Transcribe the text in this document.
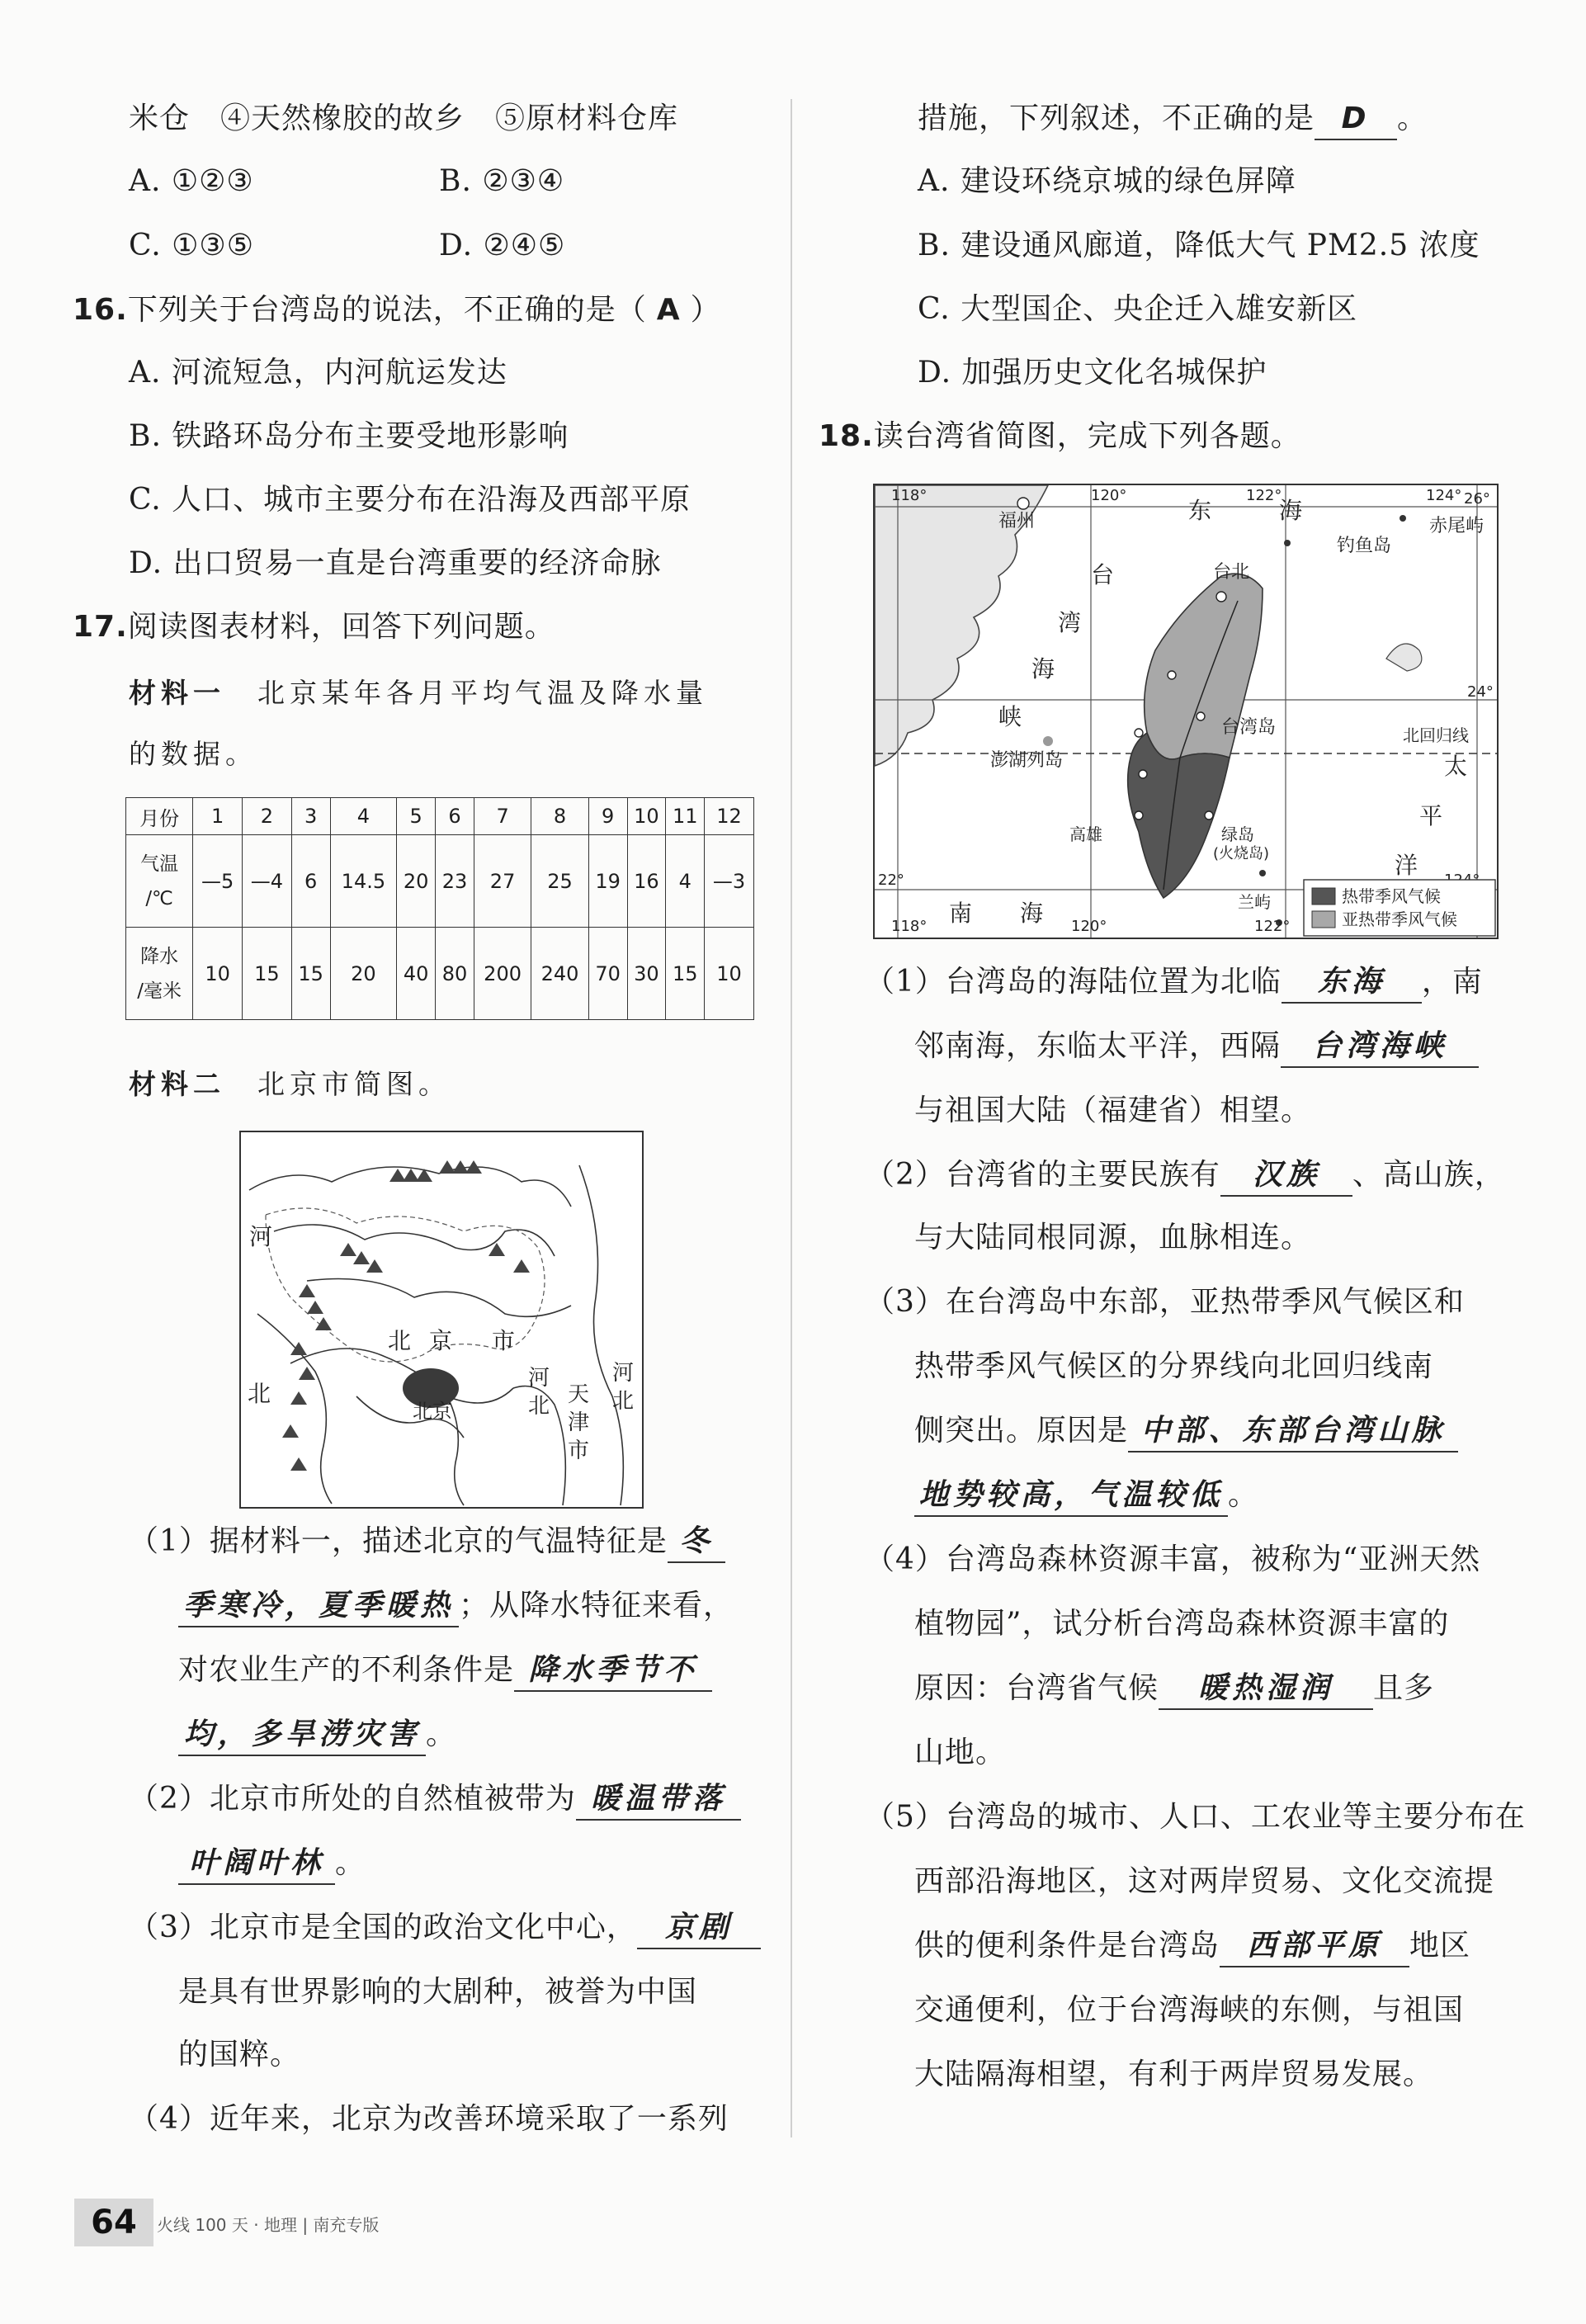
米仓　④天然橡胶的故乡　⑤原材料仓库
A. ①②③	B. ②③④
C. ①③⑤	D. ②④⑤
16.下列关于台湾岛的说法，不正确的是（ A ）
A. 河流短急，内河航运发达
B. 铁路环岛分布主要受地形影响
C. 人口、城市主要分布在沿海及西部平原
D. 出口贸易一直是台湾重要的经济命脉
17.阅读图表材料，回答下列问题。
材料一　 北京某年各月平均气温及降水量
的数据。
月份	1	2	3	4	5	6	7	8	9	10	11	12

气温
/℃	—5	—4	6	14.5	20	23	27	25	19	16	4	—3

降水
/毫米	10	15	15	20	40	80	200	240	70	30	15	10
材料二　 北京市简图。
河
北 京 市
北
北京
河
北 天
津
市
河
北
（1）据材料一，描述北京的气温特征是 冬
季寒冷，夏季暖热 ；从降水特征来看，
对农业生产的不利条件是 降水季节不
均，多旱涝灾害 。
（2）北京市所处的自然植被带为 暖温带落
叶阔叶林 。
（3）北京市是全国的政治文化中心， 京剧
是具有世界影响的大剧种，被誉为中国
的国粹。
（4）近年来，北京为改善环境采取了一系列
措施，下列叙述，不正确的是 D 。
A. 建设环绕京城的绿色屏障
B. 建设通风廊道，降低大气 PM2.5 浓度
C. 大型国企、央企迁入雄安新区
D. 加强历史文化名城保护
18.读台湾省简图，完成下列各题。
118°	120°	122°	124° 26°
24°
22°
118°	120°	122°
福州	东	海
钓鱼岛
赤尾屿
台北
台
湾
海
峡	台湾岛	北回归线
澎湖列岛	太
平
洋
高雄	绿岛
(火烧岛)
兰屿
南 海
热带季风气候
亚热带季风气候
（1）台湾岛的海陆位置为北临 东海 ，南
邻南海，东临太平洋，西隔 台湾海峡
与祖国大陆（福建省）相望。
（2）台湾省的主要民族有 汉族 、高山族，
与大陆同根同源，血脉相连。
（3）在台湾岛中东部，亚热带季风气候区和
热带季风气候区的分界线向北回归线南
侧突出。原因是 中部、东部台湾山脉
地势较高，气温较低 。
（4）台湾岛森林资源丰富，被称为“亚洲天然
植物园”，试分析台湾岛森林资源丰富的
原因：台湾省气候 暖热湿润 且多
山地。
（5）台湾岛的城市、人口、工农业等主要分布在
西部沿海地区，这对两岸贸易、文化交流提
供的便利条件是台湾岛 西部平原 地区
交通便利，位于台湾海峡的东侧，与祖国
大陆隔海相望，有利于两岸贸易发展。
64	火线 100 天 · 地理 | 南充专版
